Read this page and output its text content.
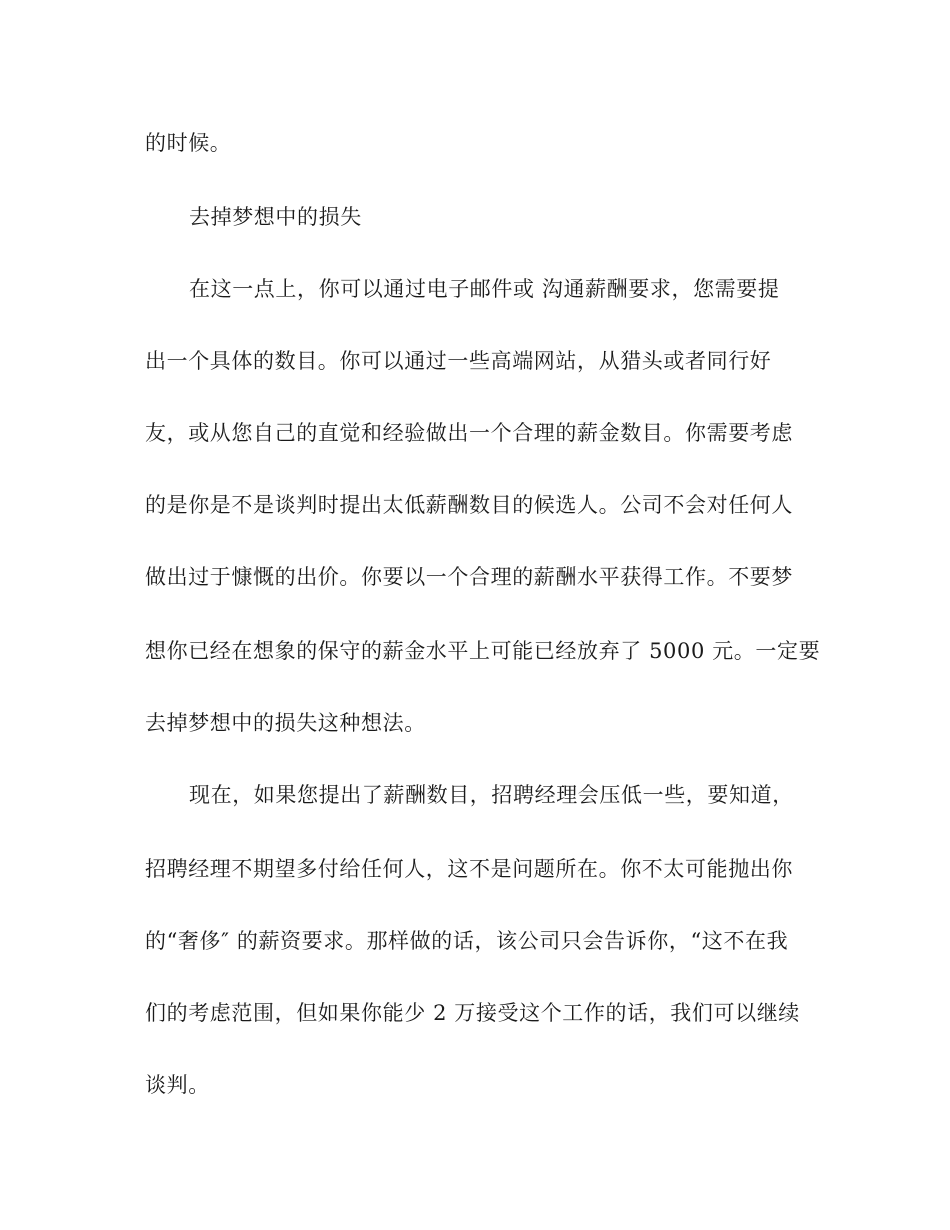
的时候。
去掉梦想中的损失
在这一点上，你可以通过电子邮件或 沟通薪酬要求，您需要提
出一个具体的数目。你可以通过一些高端网站，从猎头或者同行好
友，或从您自己的直觉和经验做出一个合理的薪金数目。你需要考虑
的是你是不是谈判时提出太低薪酬数目的候选人。公司不会对任何人
做出过于慷慨的出价。你要以一个合理的薪酬水平获得工作。不要梦
想你已经在想象的保守的薪金水平上可能已经放弃了 5000 元。一定要
去掉梦想中的损失这种想法。
现在，如果您提出了薪酬数目，招聘经理会压低一些，要知道，
招聘经理不期望多付给任何人，这不是问题所在。你不太可能抛出你
的“奢侈″ 的薪资要求。那样做的话，该公司只会告诉你，“这不在我
们的考虑范围，但如果你能少 2 万接受这个工作的话，我们可以继续
谈判。
